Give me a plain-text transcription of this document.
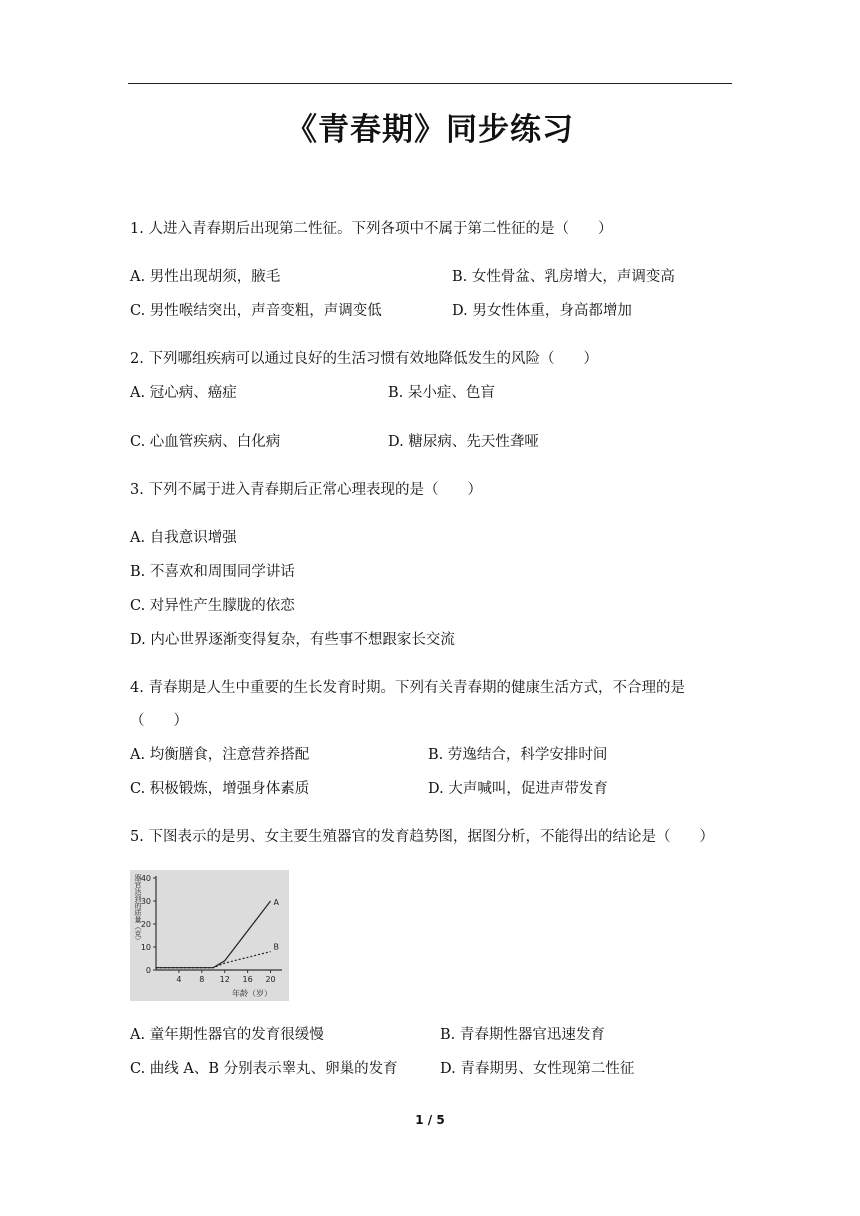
《青春期》同步练习
1. 人进入青春期后出现第二性征。下列各项中不属于第二性征的是（　　）
A. 男性出现胡须，腋毛	B. 女性骨盆、乳房增大，声调变高
C. 男性喉结突出，声音变粗，声调变低	D. 男女性体重，身高都增加
2. 下列哪组疾病可以通过良好的生活习惯有效地降低发生的风险（　　）
A. 冠心病、癌症	B. 呆小症、色盲
C. 心血管疾病、白化病	D. 糖尿病、先天性聋哑
3. 下列不属于进入青春期后正常心理表现的是（　　）
A. 自我意识增强
B. 不喜欢和周围同学讲话
C. 对异性产生朦胧的依恋
D. 内心世界逐渐变得复杂，有些事不想跟家长交流
4. 青春期是人生中重要的生长发育时期。下列有关青春期的健康生活方式，不合理的是
（　　）
A. 均衡膳食，注意营养搭配	B. 劳逸结合，科学安排时间
C. 积极锻炼，增强身体素质	D. 大声喊叫，促进声带发育
5. 下图表示的是男、女主要生殖器官的发育趋势图，据图分析，不能得出的结论是（　　）
0
10
20
30
40
4 8 12 16 20
年龄（岁）
器官达到的质量（克）	A
B
A. 童年期性器官的发育很缓慢	B. 青春期性器官迅速发育
C. 曲线 A、B 分别表示睾丸、卵巢的发育	D. 青春期男、女性现第二性征
1 / 5
